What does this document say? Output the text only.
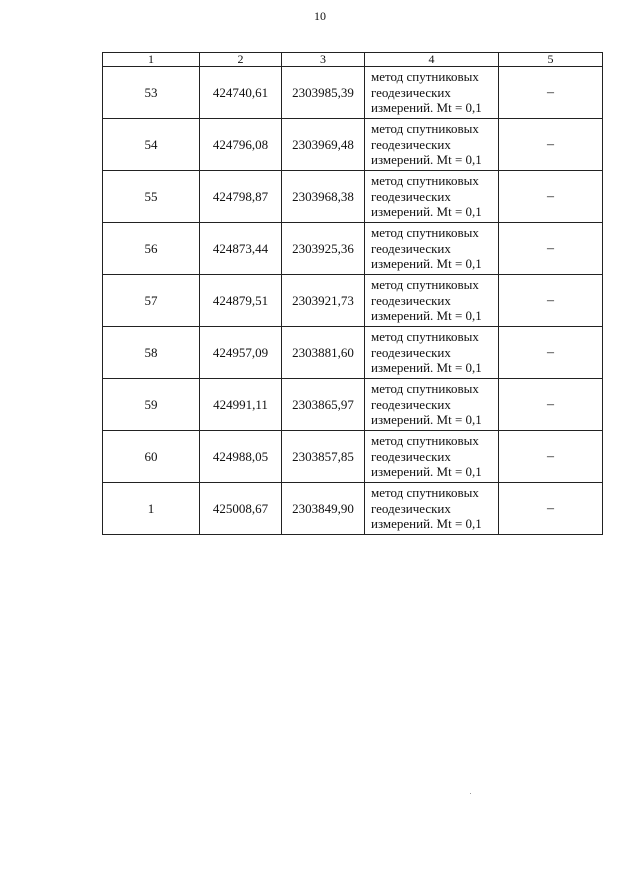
10
1	2	3	4	5
53	424740,61	2303985,39	метод спутниковых
геодезических
измерений. Mt = 0,1	–
54	424796,08	2303969,48	метод спутниковых
геодезических
измерений. Mt = 0,1	–
55	424798,87	2303968,38	метод спутниковых
геодезических
измерений. Mt = 0,1	–
56	424873,44	2303925,36	метод спутниковых
геодезических
измерений. Mt = 0,1	–
57	424879,51	2303921,73	метод спутниковых
геодезических
измерений. Mt = 0,1	–
58	424957,09	2303881,60	метод спутниковых
геодезических
измерений. Mt = 0,1	–
59	424991,11	2303865,97	метод спутниковых
геодезических
измерений. Mt = 0,1	–
60	424988,05	2303857,85	метод спутниковых
геодезических
измерений. Mt = 0,1	–
1	425008,67	2303849,90	метод спутниковых
геодезических
измерений. Mt = 0,1	–
